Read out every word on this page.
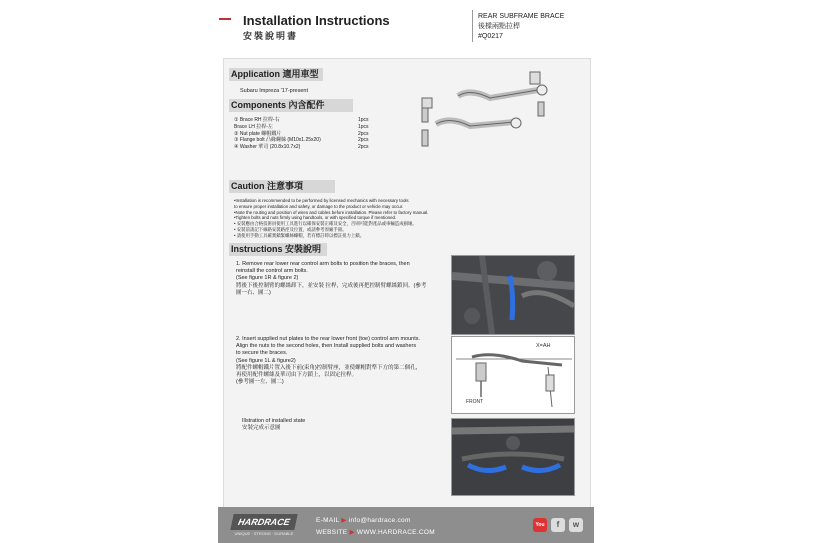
Installation Instructions
安裝說明書
REAR SUBFRAME BRACE
後樑兩點拉桿
#Q0217
Application 適用車型
Subaru Impreza '17-present
Components 內含配件
① Brace RH 拉桿-右	1pcs
Brace LH 拉桿-左	1pcs
② Nut plate 螺帽鐵片	2pcs
③ Flange bolt 凸緣螺絲 (M10x1.25x20)	2pcs
④ Washer 華司 (20.8x10.7x2)	2pcs
Caution 注意事項
•Installation is recommended to be performed by licensed mechanics with necessary tools
to ensure proper installation and safety, or damage to the product or vehicle may occur.
•Note the routing and position of wires and cables before installation. Please refer to factory manual.
•Tighten bolts and nuts firmly using handtools, or with specified torque if mentioned.
• 安裝應由合格技術員使用工具進行以確保安裝正確及安全，否則可能對產品或車輛造成損壞。
• 安裝前請記下線路安裝路徑及位置，或請參考原廠手冊。
• 請使用手動工具確實鎖緊螺絲螺帽，若有標註時以標註扭力上鎖。
Instructions 安裝說明
1. Remove rear lower rear control arm bolts to position the braces, then
reinstall the control arm bolts.
(See figure 1R & figure 2)
將後下後控制臂的螺絲卸下，並安裝 拉桿，完成後再把控制臂螺絲鎖回。(參考
圖一右、圖二)
2. Insert supplied nut plates to the rear lower front (toe) control arm mounts.
Align the nuts to the second holes, then Install supplied bolts and washers
to secure the braces.
(See figure 1L & figure2)
將配件螺帽鐵片置入後下前(束角)控制臂座，並使螺帽對準下方的第二個孔，
再使用配件螺絲及華司由下方鎖上，以固定拉桿。
(參考圖一左、圖二)
X=AH
FRONT
Illstration of installed state
安裝完成示意圖
HARDRACE
UNIQUE · STRONG · DURABLE
E-MAIL ▶ info@hardrace.com
WEBSITE ▶ WWW.HARDRACE.COM
You	f	w
